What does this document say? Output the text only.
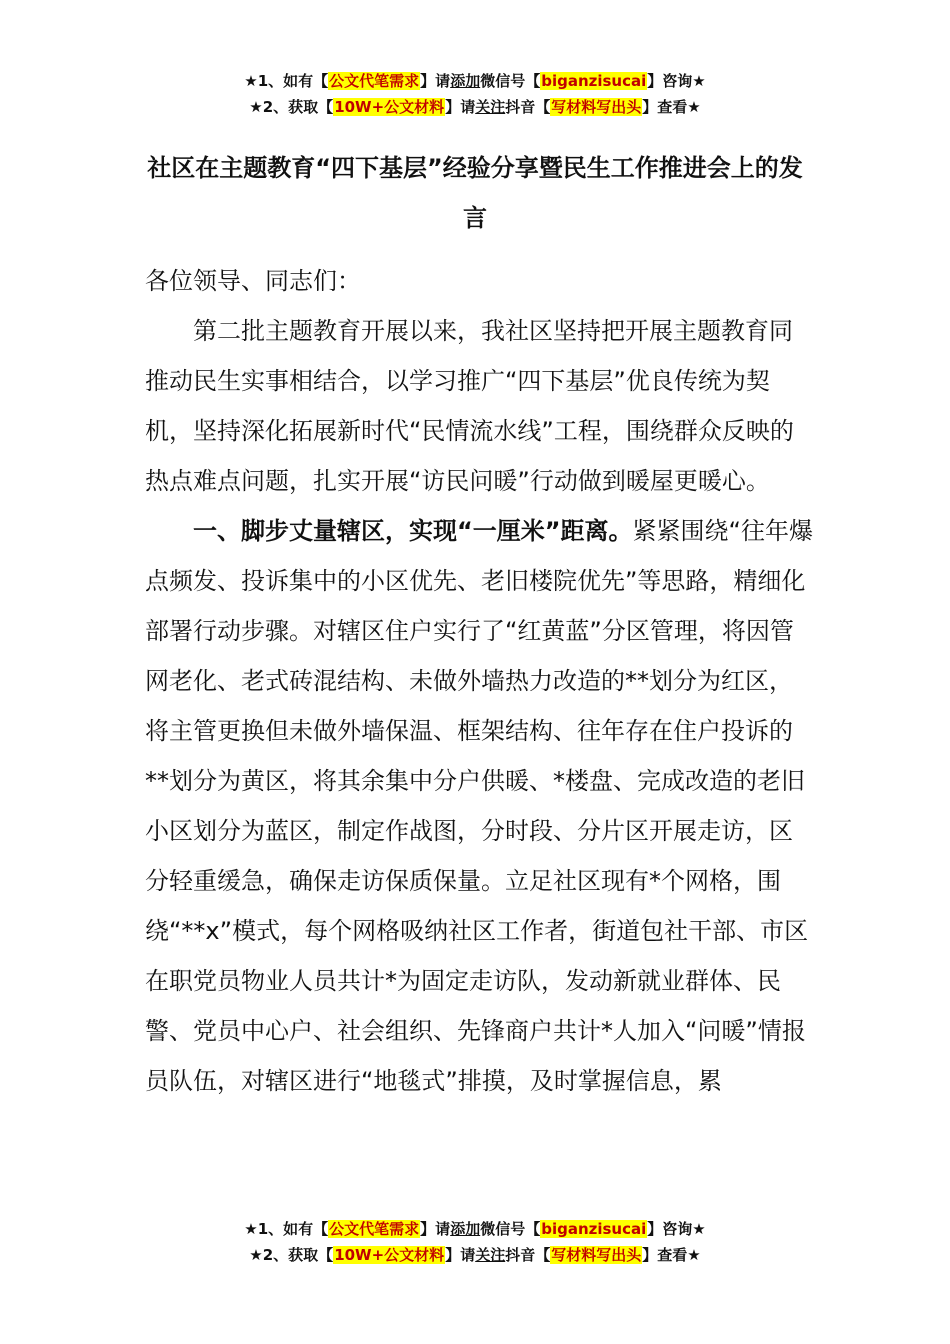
★1、如有【公文代笔需求】请添加微信号【biganzisucai】咨询★
★2、获取【10W+公文材料】请关注抖音【写材料写出头】查看★
社区在主题教育“四下基层”经验分享暨民生工作推进会上的发言

各位领导、同志们：

第二批主题教育开展以来，我社区坚持把开展主题教育同推动民生实事相结合，以学习推广“四下基层”优良传统为契机，坚持深化拓展新时代“民情流水线”工程，围绕群众反映的热点难点问题，扎实开展“访民问暖”行动做到暖屋更暖心。

一、脚步丈量辖区，实现“一厘米”距离。紧紧围绕“往年爆点频发、投诉集中的小区优先、老旧楼院优先”等思路，精细化部署行动步骤。对辖区住户实行了“红黄蓝”分区管理，将因管网老化、老式砖混结构、未做外墙热力改造的**划分为红区，将主管更换但未做外墙保温、框架结构、往年存在住户投诉的**划分为黄区，将其余集中分户供暖、*楼盘、完成改造的老旧小区划分为蓝区，制定作战图，分时段、分片区开展走访，区分轻重缓急，确保走访保质保量。立足社区现有*个网格，围绕“**x”模式，每个网格吸纳社区工作者，街道包社干部、市区在职党员物业人员共计*为固定走访队，发动新就业群体、民警、党员中心户、社会组织、先锋商户共计*人加入“问暖”情报员队伍，对辖区进行“地毯式”排摸，及时掌握信息，累

★1、如有【公文代笔需求】请添加微信号【biganzisucai】咨询★
★2、获取【10W+公文材料】请关注抖音【写材料写出头】查看★
